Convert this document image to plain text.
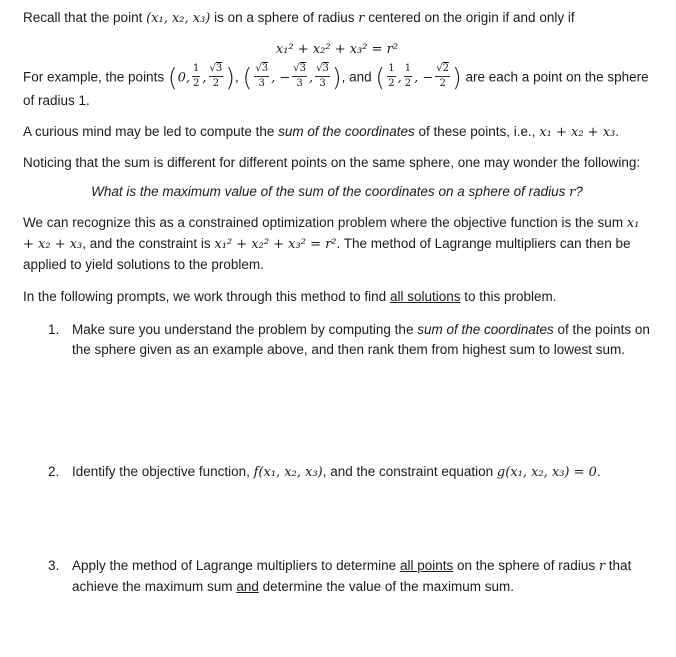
Recall that the point (x₁, x₂, x₃) is on a sphere of radius r centered on the origin if and only if

x₁² + x₂² + x₃² = r²

For example, the points (0, $\frac{1}{2}$ , $\frac{√3}{2}$ ), ( $\frac{√3}{3}$ , − $\frac{√3}{3}$ , $\frac{√3}{3}$ ), and ( $\frac{1}{2}$ , $\frac{1}{2}$ , − $\frac{√2}{2}$ ) are each a point on the sphere of radius 1.

A curious mind may be led to compute the sum of the coordinates of these points, i.e., x₁ + x₂ + x₃.

Noticing that the sum is different for different points on the same sphere, one may wonder the following:

What is the maximum value of the sum of the coordinates on a sphere of radius r?

We can recognize this as a constrained optimization problem where the objective function is the sum x₁ + x₂ + x₃, and the constraint is x₁² + x₂² + x₃² = r². The method of Lagrange multipliers can then be applied to yield solutions to the problem.

In the following prompts, we work through this method to find all solutions to this problem.

1. Make sure you understand the problem by computing the sum of the coordinates of the points on the sphere given as an example above, and then rank them from highest sum to lowest sum.
2. Identify the objective function, f(x₁, x₂, x₃), and the constraint equation g(x₁, x₂, x₃) = 0.
3. Apply the method of Lagrange multipliers to determine all points on the sphere of radius r that achieve the maximum sum and determine the value of the maximum sum.
